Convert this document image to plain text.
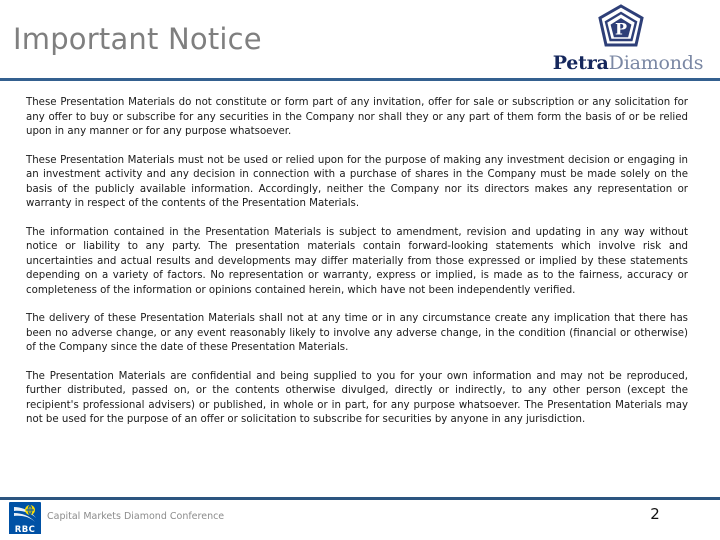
Important Notice	P
PetraDiamonds

These Presentation Materials do not constitute or form part of any invitation, offer for sale or subscription or any solicitation for any offer to buy or subscribe for any securities in the Company nor shall they or any part of them form the basis of or be relied upon in any manner or for any purpose whatsoever.

These Presentation Materials must not be used or relied upon for the purpose of making any investment decision or engaging in an investment activity and any decision in connection with a purchase of shares in the Company must be made solely on the basis of the publicly available information. Accordingly, neither the Company nor its directors makes any representation or warranty in respect of the contents of the Presentation Materials.

The information contained in the Presentation Materials is subject to amendment, revision and updating in any way without notice or liability to any party. The presentation materials contain forward-looking statements which involve risk and uncertainties and actual results and developments may differ materially from those expressed or implied by these statements depending on a variety of factors. No representation or warranty, express or implied, is made as to the fairness, accuracy or completeness of the information or opinions contained herein, which have not been independently verified.

The delivery of these Presentation Materials shall not at any time or in any circumstance create any implication that there has been no adverse change, or any event reasonably likely to involve any adverse change, in the condition (financial or otherwise) of the Company since the date of these Presentation Materials.

The Presentation Materials are confidential and being supplied to you for your own information and may not be reproduced, further distributed, passed on, or the contents otherwise divulged, directly or indirectly, to any other person (except the recipient's professional advisers) or published, in whole or in part, for any purpose whatsoever. The Presentation Materials may not be used for the purpose of an offer or solicitation to subscribe for securities by anyone in any jurisdiction.

RBC
Capital Markets Diamond Conference	2
